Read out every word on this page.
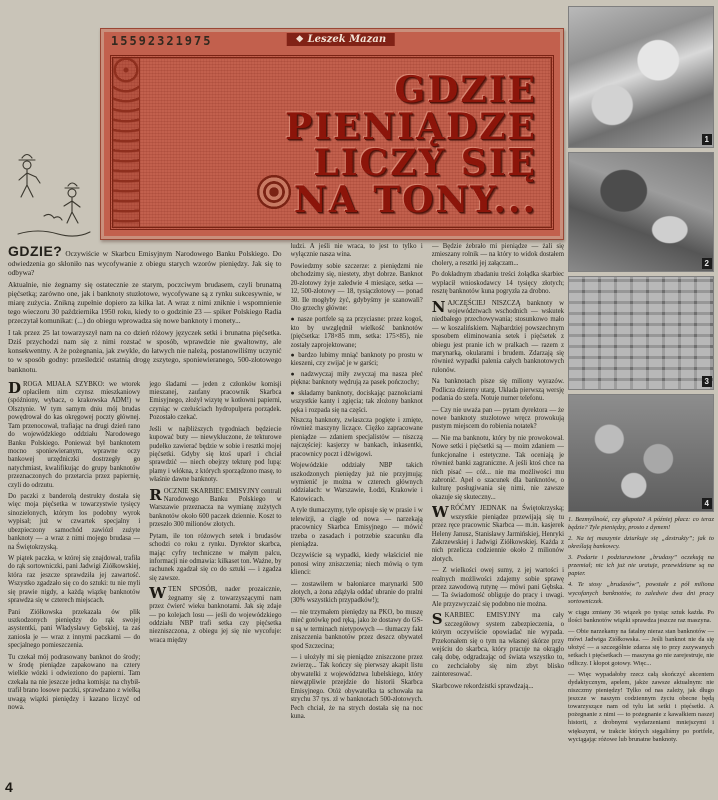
15592321975	❖ Leszek Mazan
GDZIE
PIENIĄDZE
LICZY SIĘ
NA TONY...

GDZIE? Oczywiście w Skarbcu Emisyjnym Narodowego Banku Polskiego. Do odwiedzenia go skłoniło nas wycofywanie z obiegu starych wzorów pieniędzy. Jak się to odbywa?

Aktualnie, nie żegnamy się ostatecznie ze starym, poczciwym brudasem, czyli brunatną pięćsetką; zarówno one, jak i banknoty stuzłotowe, wycofywane są z rynku sukcesywnie, w miarę zużycia. Znikną zupełnie dopiero za kilka lat. A wraz z nimi zniknie i wspomnienie tego wieczoru 30 października 1950 roku, kiedy to o godzinie 23 — spiker Polskiego Radia przeczytał komunikat: (...) do obiegu wprowadza się nowe banknoty i monety...

I tak przez 25 lat towarzyszył nam na co dzień różowy języczek setki i brunatna pięćsetka. Dziś przychodzi nam się z nimi rozstać w sposób, wprawdzie nie gwałtowny, ale konsekwentny. A że pożegnania, jak zwykle, do łatwych nie należą, postanowiliśmy uczynić to w sposób godny: prześledzić ostatnią drogę zszytego, sponiewieranego, 500-złotowego banknotu.

DROGA MIJAŁA SZYBKO: we wtorek opłaciłem nim czynsz mieszkaniowy (spóźniony, wybacz, o krakowska ADM!) w Olsztynie. W tym samym dniu mój brudas powędrował do kas okręgowej poczty głównej. Tam przenocował, trafiając na drugi dzień rano do wojewódzkiego oddziału Narodowego Banku Polskiego. Ponieważ był banknotem mocno sponiewieranym, wprawne oczy bankowej urzędniczki dostrzegły go natychmiast, kwalifikując do grupy banknotów przeznaczonych do przetarcia przez papiernię, czyli do odrzutu.

Do paczki z banderolą destrukty dostała się więc moja pięćsetka w towarzystwie tysięcy sinozielonych, którym los podobny wyrok wypisał; już w czwartek specjalny i ubezpieczony samochód zawiózł zużyte banknoty — a wraz z nimi mojego brudasa — na Świętokrzyską.

W piątek paczka, w której się znajdował, trafiła do rąk sortowniczki, pani Jadwigi Ziółkowskiej, która raz jeszcze sprawdziła jej zawartość. Wszystko zgadzało się co do sztuki: tu nie myli się prawie nigdy, a każdą wiązkę banknotów sprawdza się w czterech miejscach.

Pani Ziółkowska przekazała ów plik uszkodzonych pieniędzy do rąk swojej asystentki, pani Władysławy Gębskiej, ta zaś zaniosła je — wraz z innymi paczkami — do specjalnego pomieszczenia.

Tu czekał mój podrasowany banknot do środy; w środę pieniądze zapakowano na cztery wielkie wózki i odwieziono do papierni. Tam czekała na nie jeszcze jedna komisja: na chybił-trafił brano losowe paczki, sprawdzano z wielką uwagą wiązki pieniędzy i kazano liczyć od nowa.

jego śladami — jeden z członków komisji mieszanej, zaufany pracownik Skarbca Emisyjnego, złożył wizytę w kotłowni papierni, czyniąc w czeluściach hydropulpera porządek. Pozostało czekać.

Jeśli w najbliższych tygodniach będziecie kupować buty — niewykluczone, że tekturowe pudełko zawierać będzie w sobie i resztki mojej pięćsetki. Gdyby się ktoś uparł i chciał sprawdzić — niech obejrzy tekturę pod lupą: plamy i włókna, z których sporządzono masę, to właśnie dawne banknoty.

ROCZNIE SKARBIEC EMISYJNY centrali Narodowego Banku Polskiego w Warszawie przeznacza na wymianę zużytych banknotów około 600 paczek dziennie. Koszt to przeszło 300 milionów złotych.

Pytam, ile ton różowych setek i brudasów schodzi co roku z rynku. Dyrektor skarbca, mając cyfry techniczne w małym palcu, informacji nie odmawia: kilkaset ton. Ważne, by rachunek zgadzał się co do sztuki — i zgadza się zawsze.

WTEN SPOSÓB, nader prozaicznie, żegnamy się z towarzyszącymi nam przez ćwierć wieku banknotami. Jak się zdaje — po kolejach losu — jeśli do wojewódzkiego oddziału NBP trafi setka czy pięćsetka niezniszczona, z obiegu jej się nie wycofuje: wraca między

ludzi. A jeśli nie wraca, to jest to tylko i wyłącznie nasza wina.

Powiedzmy sobie szczerze: z pieniędzmi nie obchodzimy się, niestety, zbyt dobrze. Banknot 20-złotowy żyje zaledwie 4 miesiące, setka — 12, 500-złotowy — 18, tysiączłotowy — ponad 30. Ile mogłyby żyć, gdybyśmy je szanowali? Oto grzechy główne:

● nasze portfele są za przyciasne: przez kogoś, kto by uwzględnił wielkość banknotów (pięćsetka: 178×85 mm, setka: 175×85), nie zostały zaprojektowane;

● bardzo lubimy mniąć banknoty po prostu w kieszeni, czy zwijać je w garści;

● nadzwyczaj miły zwyczaj ma nasza płeć piękna: banknoty wędrują za pasek pończochy;

● składamy banknoty, dociskając paznokciami wszystkie kanty i zgięcia; tak złożony banknot pęka i rozpada się na części.

Niszczą banknoty, zwłaszcza pogięte i zmięte, również maszyny liczące. Ciężko zapracowane pieniądze — zdaniem specjalistów — niszczą najczęściej: kasjerzy w bankach, inkasentki, pracownicy poczt i dźwigowi.

Wojewódzkie oddziały NBP takich uszkodzonych pieniędzy już nie przyjmują; wymienić je można w czterech głównych oddziałach: w Warszawie, Łodzi, Krakowie i Katowicach.

A tyle tłumaczymy, tyle opisuje się w prasie i w telewizji, a ciągle od nowa — narzekają pracownicy Skarbca Emisyjnego — mówić trzeba o zasadach i potrzebie szacunku dla pieniądza.

Oczywiście są wypadki, kiedy właściciel nie ponosi winy zniszczenia; niech mówią o tym klienci:

— zostawiłem w bałoniarce marynarki 500 złotych, a żona zdążyła oddać ubranie do pralni (30% wszystkich przypadków!);

— nie trzymałem pieniędzy na PKO, bo muszę mieć gotówkę pod ręką, jako że dostawy do GS-u są w terminach nietypowych — tłumaczy fakt zniszczenia banknotów przez deszcz obywatel spod Szczecina;

— i ułożyły mi się pieniądze zniszczone przez zwierzę... Tak kończy się pierwszy akapit listu obywatelki z województwa lubelskiego, który niewątpliwie przejdzie do historii Skarbca Emisyjnego. Otóż obywatelka ta schowała na strychu 37 tys. zł w banknotach 500-złotowych. Pech chciał, że na strych dostała się na noc kuna.

— Będzie żebrało mi pieniądze — żali się zmieszany rolnik — na który to widok dostałem cholery, a resztki jej załączam...

Po dokładnym zbadaniu treści żołądka skarbiec wypłacił wnioskodawcy 14 tysięcy złotych; resztę banknotów kuna pogryzła za drobno.

NAJCZĘŚCIEJ NISZCZĄ banknoty w województwach wschodnich — wskutek niedbałego przechowywania; stosunkowo mało — w koszalińskiem. Najbardziej powszechnym sposobem eliminowania setek i pięćsetek z obiegu jest pranie ich w pralkach — razem z marynarką, okularami i brudem. Zdarzają się również wypadki palenia całych banknotowych rulonów.

Na banknotach pisze się miliony wyrazów. Podlicza dzienny utarg. Układa pierwszą wersję podania do szefa. Notuje numer telefonu.

— Czy nie uważa pan — pytam dyrektora — że nowe banknoty stuzłotowe wręcz prowokują pustym miejscem do robienia notatek?

— Nie ma banknotu, który by nie prowokował. Nowe setki i pięćsetki są — moim zdaniem — funkcjonalne i estetyczne. Tak oceniają je również banki zagraniczne. A jeśli ktoś chce na nich pisać — cóż... nie ma możliwości mu zabronić. Apel o szacunek dla banknotów, o kulturę posługiwania się nimi, nie zawsze okazuje się skuteczny...

WRÓĆMY JEDNAK na Świętokrzyską; wszystkie pieniądze przewijają się tu przez ręce pracownic Skarbca — m.in. kasjerek Heleny Janusz, Stanisławy Jarmińskiej, Henryki Zakrzewskiej i Jadwigi Ziółkowskiej. Każda z nich przelicza codziennie około 2 milionów złotych.

— Z wielkości owej sumy, z jej wartości i realnych możliwości zdajemy sobie sprawę przez zawodową rutynę — mówi pani Gębska. — Ta świadomość obliguje do pracy i uwagi. Ale przyzwyczaić się podobno nie można.

SKARBIEC EMISYJNY ma cały szczegółowy system zabezpieczenia, o którym oczywiście opowiadać nie wypada. Przekonałem się o tym na własnej skórze przy wejściu do skarbca, który pracuje na okrągło całą dobę, odgradzając od świata wszystko to, co zechciałoby się nim zbyt blisko zainteresować.

Skarbcowe rekordzistki sprawdzają...

1
2
3
4

1. Bezmyślność, czy głupota? A później płacz: co teraz będzie? Tyle pieniędzy, prosto z dymem!

2. Na tej maszynie dziurkuje się „destrukty”; jak to określają bankowcy.

3. Podarte i podziurawione „brudasy” oczekują na przemiał; nic ich już nie uratuje, przewidziane są na papier.

4. Te stosy „brudasów”, powstałe z pół miliona wycofanych banknotów, to zaledwie dwa dni pracy sortowniczek.

w ciągu zmiany 36 wiązek po tysiąc sztuk każda. Po ilości banknotów wiązki sprawdza jeszcze raz maszyna.

— Obie narzekamy na fatalny nieraz stan banknotów — mówi Jadwiga Ziółkowska. — Jeśli banknot nie da się ułożyć — a szczególnie zdarza się to przy zszywanych setkach i pięćsetkach — maszyna go nie zarejestruje, nie odliczy. I kłopot gotowy. Więc...

— Więc wypadałoby rzecz całą skończyć akcentem dydaktycznym, apelem, jakże zawsze aktualnym: nie niszczmy pieniędzy! Tylko od nas zależy, jak długo jeszcze w naszym codziennym życiu obecne będą towarzyszące nam od tylu lat setki i pięćsetki. A pożegnanie z nimi — to pożegnanie z kawałkiem naszej historii, z drobnymi wydarzeniami mniejszymi i większymi, w trakcie których sięgaliśmy po portfele, wyciągając różowe lub brunatne banknoty.

4
